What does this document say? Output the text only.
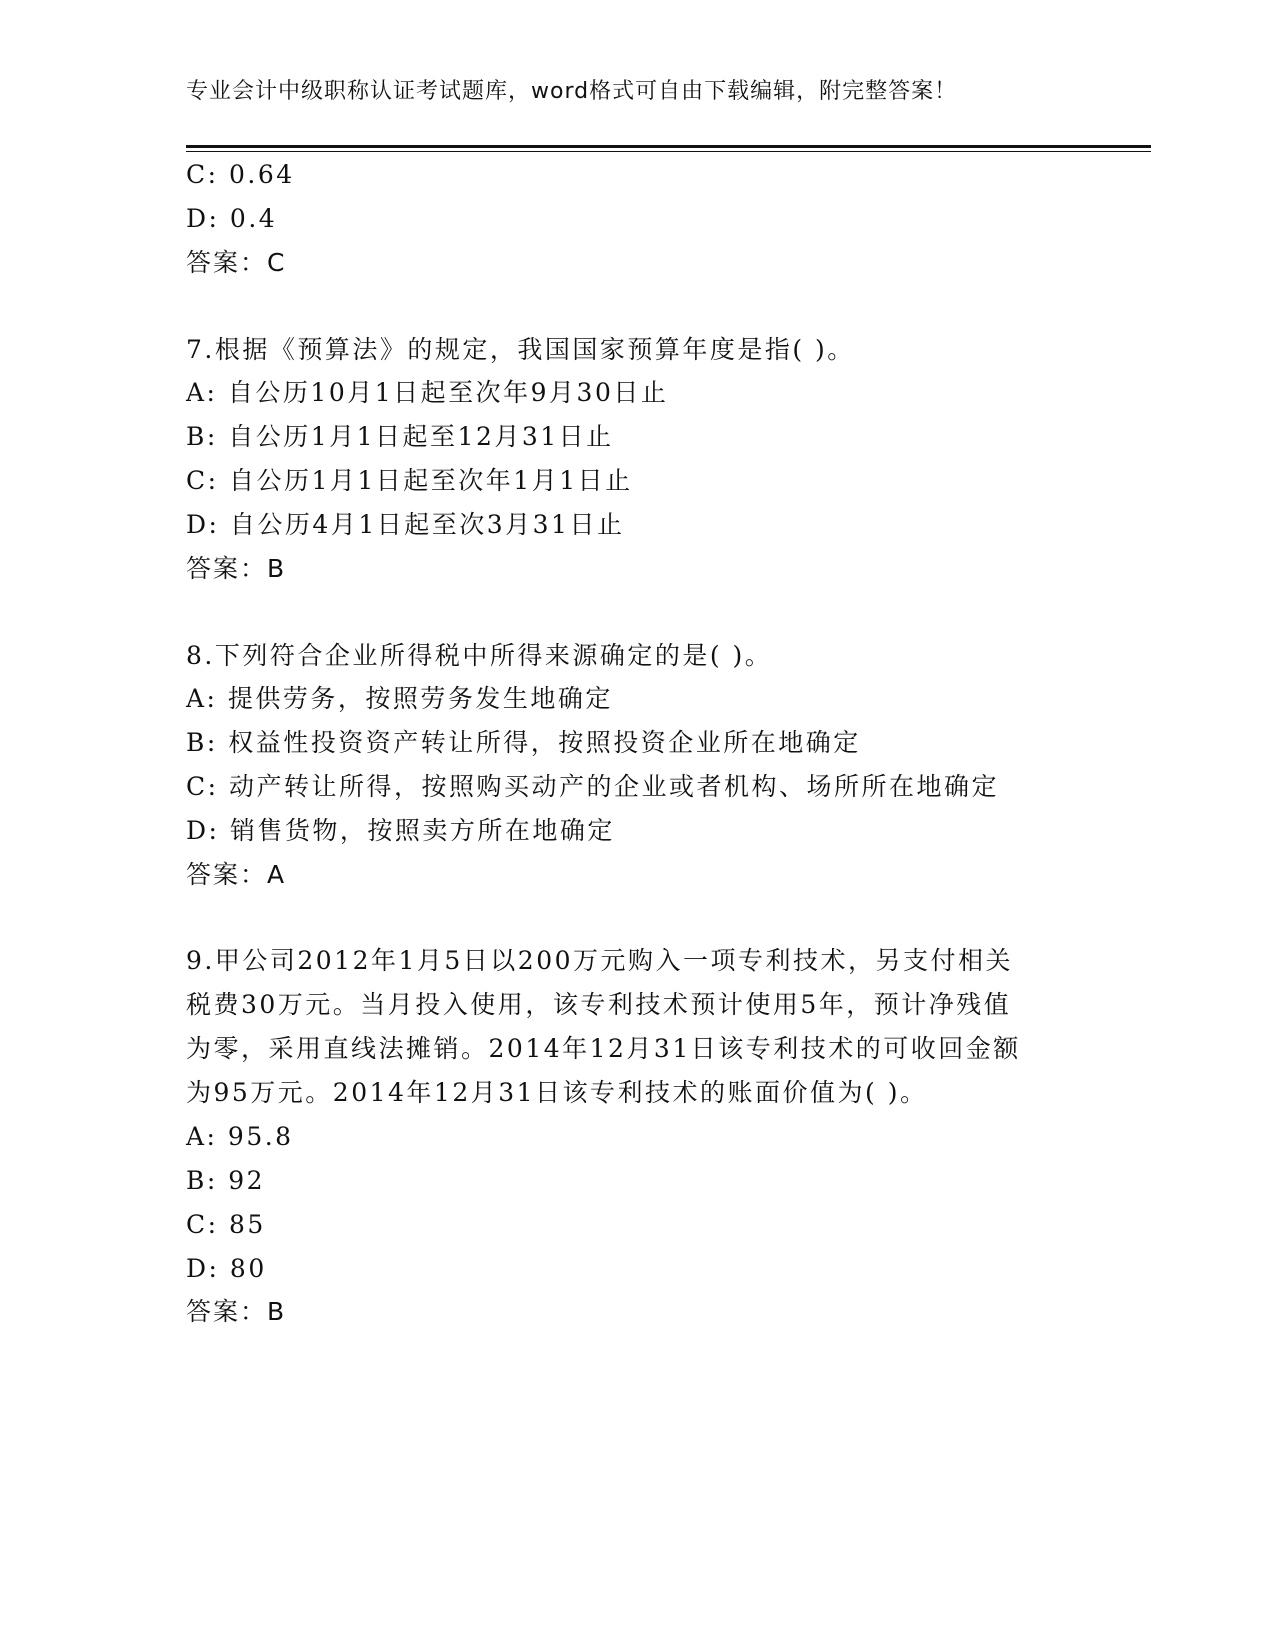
专业会计中级职称认证考试题库，word格式可自由下载编辑，附完整答案！
C: 0.64
D: 0.4
答案：C
7.根据《预算法》的规定，我国国家预算年度是指( )。
A: 自公历10月1日起至次年9月30日止
B: 自公历1月1日起至12月31日止
C: 自公历1月1日起至次年1月1日止
D: 自公历4月1日起至次3月31日止
答案：B
8.下列符合企业所得税中所得来源确定的是( )。
A: 提供劳务，按照劳务发生地确定
B: 权益性投资资产转让所得，按照投资企业所在地确定
C: 动产转让所得，按照购买动产的企业或者机构、场所所在地确定
D: 销售货物，按照卖方所在地确定
答案：A
9.甲公司2012年1月5日以200万元购入一项专利技术，另支付相关
税费30万元。当月投入使用，该专利技术预计使用5年，预计净残值
为零，采用直线法摊销。2014年12月31日该专利技术的可收回金额
为95万元。2014年12月31日该专利技术的账面价值为( )。
A: 95.8
B: 92
C: 85
D: 80
答案：B
